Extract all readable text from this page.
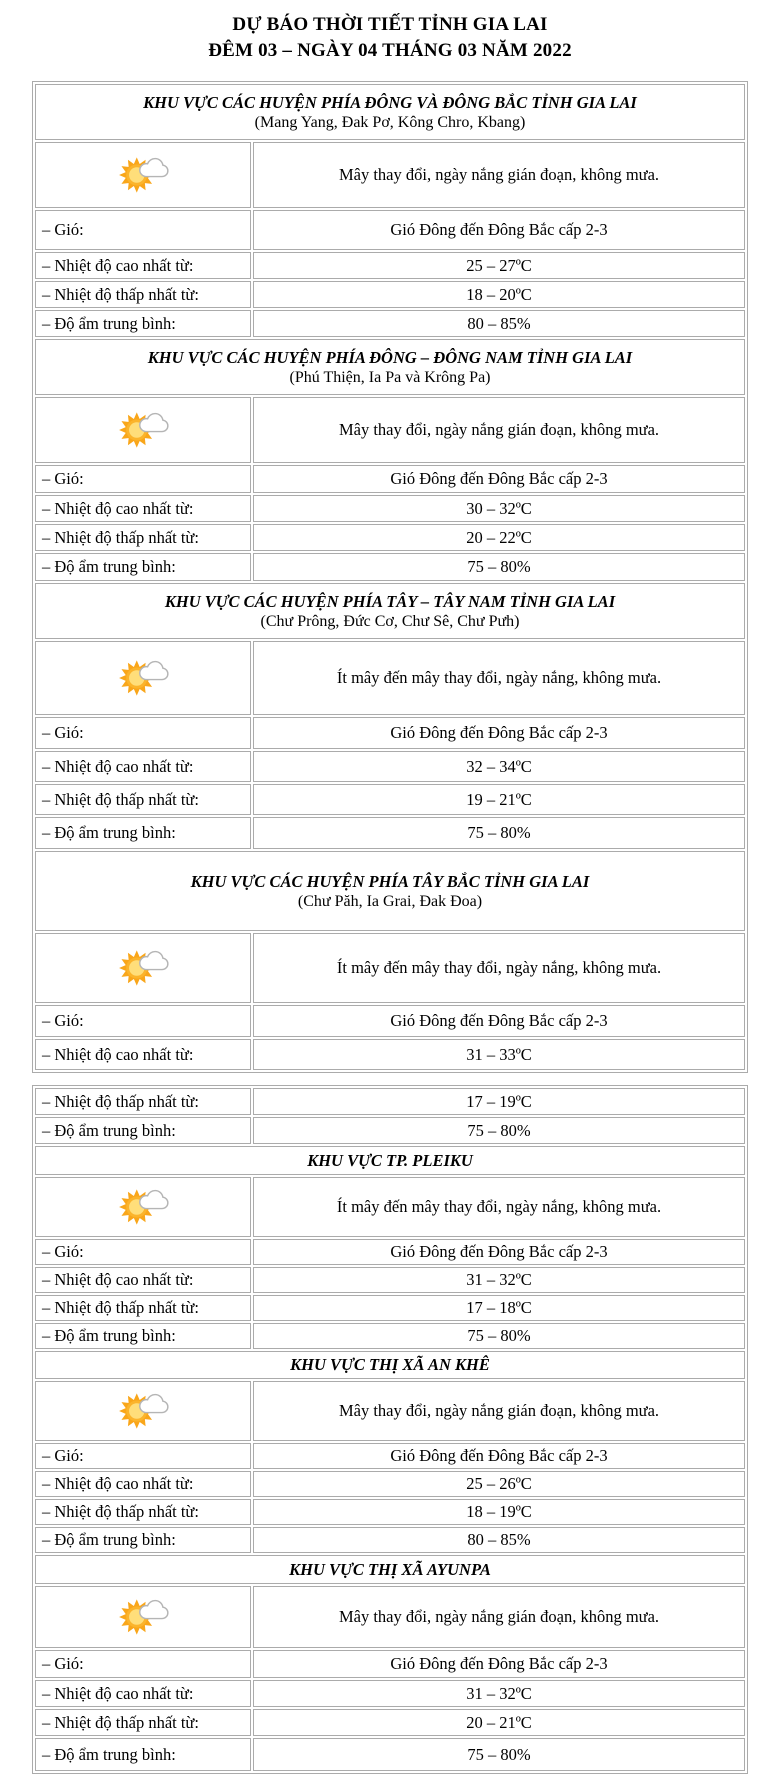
DỰ BÁO THỜI TIẾT TỈNH GIA LAI
ĐÊM 03 – NGÀY 04 THÁNG 03 NĂM 2022
KHU VỰC CÁC HUYỆN PHÍA ĐÔNG VÀ ĐÔNG BẮC TỈNH GIA LAI
(Mang Yang, Đak Pơ, Kông Chro, Kbang)	

	Mây thay đổi, ngày nắng gián đoạn, không mưa.
– Gió:	Gió Đông đến Đông Bắc cấp 2-3
– Nhiệt độ cao nhất từ:	25 – 27ºC
– Nhiệt độ thấp nhất từ:	18 – 20ºC
– Độ ẩm trung bình:	80 – 85%

KHU VỰC CÁC HUYỆN PHÍA ĐÔNG – ĐÔNG NAM TỈNH GIA LAI
(Phú Thiện, Ia Pa và Krông Pa)	

	Mây thay đổi, ngày nắng gián đoạn, không mưa.
– Gió:	Gió Đông đến Đông Bắc cấp 2-3
– Nhiệt độ cao nhất từ:	30 – 32ºC
– Nhiệt độ thấp nhất từ:	20 – 22ºC
– Độ ẩm trung bình:	75 – 80%

KHU VỰC CÁC HUYỆN PHÍA TÂY – TÂY NAM TỈNH GIA LAI
(Chư Prông, Đức Cơ, Chư Sê, Chư Pưh)	

	Ít mây đến mây thay đổi, ngày nắng, không mưa.
– Gió:	Gió Đông đến Đông Bắc cấp 2-3
– Nhiệt độ cao nhất từ:	32 – 34ºC
– Nhiệt độ thấp nhất từ:	19 – 21ºC
– Độ ẩm trung bình:	75 – 80%

KHU VỰC CÁC HUYỆN PHÍA TÂY BẮC TỈNH GIA LAI
(Chư Păh, Ia Grai, Đak Đoa)	

	Ít mây đến mây thay đổi, ngày nắng, không mưa.
– Gió:	Gió Đông đến Đông Bắc cấp 2-3
– Nhiệt độ cao nhất từ:	31 – 33ºC
– Nhiệt độ thấp nhất từ:	17 – 19ºC
– Độ ẩm trung bình:	75 – 80%

KHU VỰC TP. PLEIKU	

	Ít mây đến mây thay đổi, ngày nắng, không mưa.
– Gió:	Gió Đông đến Đông Bắc cấp 2-3
– Nhiệt độ cao nhất từ:	31 – 32ºC
– Nhiệt độ thấp nhất từ:	17 – 18ºC
– Độ ẩm trung bình:	75 – 80%

KHU VỰC THỊ XÃ AN KHÊ	

	Mây thay đổi, ngày nắng gián đoạn, không mưa.
– Gió:	Gió Đông đến Đông Bắc cấp 2-3
– Nhiệt độ cao nhất từ:	25 – 26ºC
– Nhiệt độ thấp nhất từ:	18 – 19ºC
– Độ ẩm trung bình:	80 – 85%

KHU VỰC THỊ XÃ AYUNPA	

	Mây thay đổi, ngày nắng gián đoạn, không mưa.
– Gió:	Gió Đông đến Đông Bắc cấp 2-3
– Nhiệt độ cao nhất từ:	31 – 32ºC
– Nhiệt độ thấp nhất từ:	20 – 21ºC
– Độ ẩm trung bình:	75 – 80%
